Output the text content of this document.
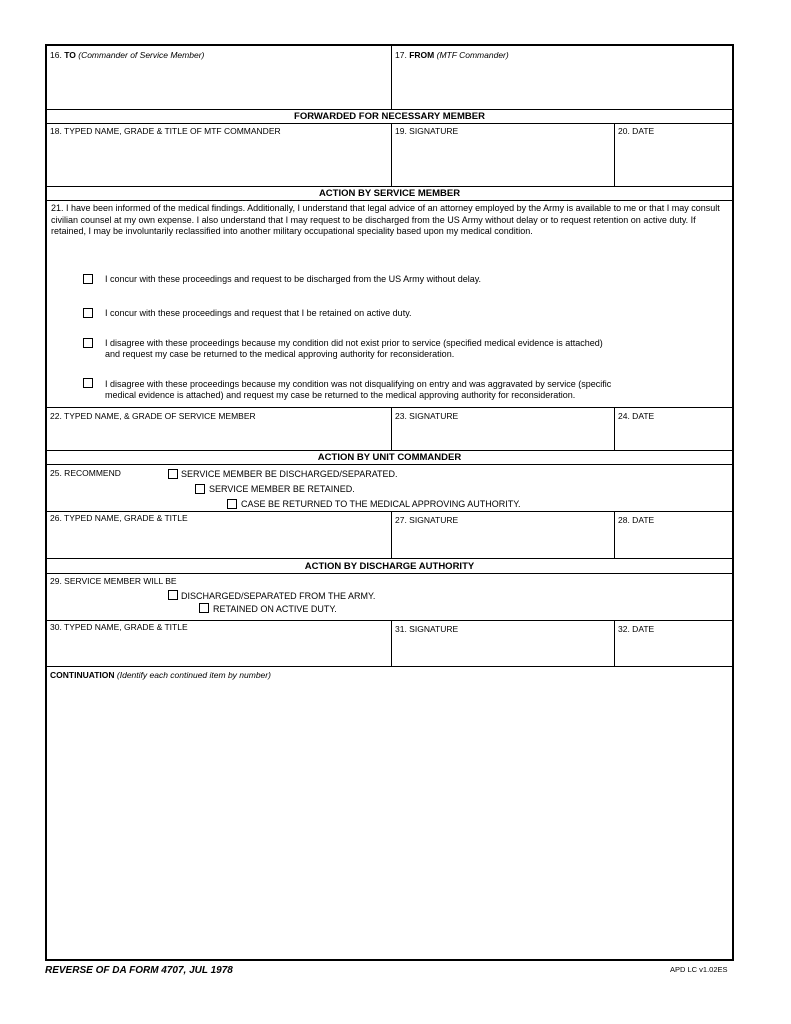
16. TO (Commander of Service Member)	17. FROM (MTF Commander)
FORWARDED FOR NECESSARY MEMBER
18. TYPED NAME, GRADE & TITLE OF MTF COMMANDER	19. SIGNATURE	20. DATE
ACTION BY SERVICE MEMBER
21. I have been informed of the medical findings. Additionally, I understand that legal advice of an attorney employed by the Army is available to me or that I may consult civilian counsel at my own expense. I also understand that I may request to be discharged from the US Army without delay or to request retention on active duty. If retained, I may be involuntarily reclassified into another military occupational speciality based upon my medical condition.
I concur with these proceedings and request to be discharged from the US Army without delay.
I concur with these proceedings and request that I be retained on active duty.
I disagree with these proceedings because my condition did not exist prior to service (specified medical evidence is attached)
and request my case be returned to the medical approving authority for reconsideration.
I disagree with these proceedings because my condition was not disqualifying on entry and was aggravated by service (specific
medical evidence is attached) and request my case be returned to the medical approving authority for reconsideration.
22. TYPED NAME, & GRADE OF SERVICE MEMBER	23. SIGNATURE	24. DATE
ACTION BY UNIT COMMANDER
25. RECOMMEND	SERVICE MEMBER BE DISCHARGED/SEPARATED.
SERVICE MEMBER BE RETAINED.
CASE BE RETURNED TO THE MEDICAL APPROVING AUTHORITY.
26. TYPED NAME, GRADE & TITLE	27. SIGNATURE	28. DATE
ACTION BY DISCHARGE AUTHORITY
29. SERVICE MEMBER WILL BE
DISCHARGED/SEPARATED FROM THE ARMY.
RETAINED ON ACTIVE DUTY.
30. TYPED NAME, GRADE & TITLE	31. SIGNATURE	32. DATE
CONTINUATION (Identify each continued item by number)
REVERSE OF DA FORM 4707, JUL 1978	APD LC v1.02ES
